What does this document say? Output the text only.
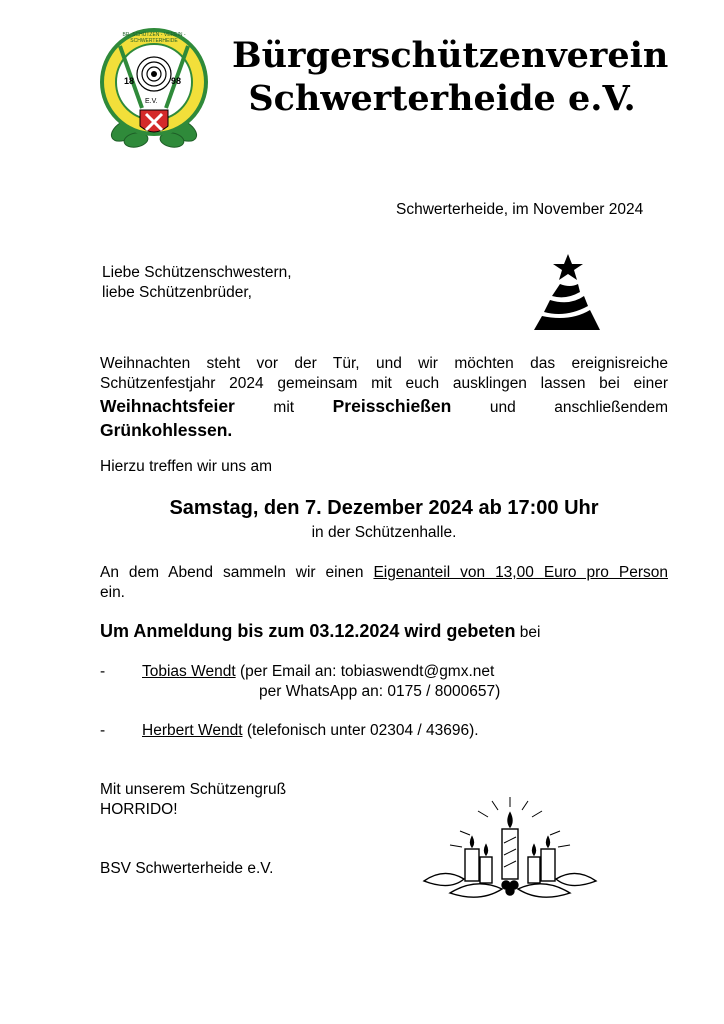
18	98
E.V.
BR. SCHÜTZEN - VEREIN - SCHWERTERHEIDE	Bürgerschützenverein
Schwerterheide e.V.
Schwerterheide, im November 2024
Liebe Schützenschwestern,
liebe Schützenbrüder,
Weihnachten steht vor der Tür, und wir möchten das ereignisreiche
Schützenfestjahr 2024 gemeinsam mit euch ausklingen lassen bei einer
Weihnachtsfeier mit Preisschießen und anschließendem
Grünkohlessen.
Hierzu treffen wir uns am
Samstag, den 7. Dezember 2024 ab 17:00 Uhr
in der Schützenhalle.
An dem Abend sammeln wir einen Eigenanteil von 13,00 Euro pro Person
ein.
Um Anmeldung bis zum 03.12.2024 wird gebeten bei
- Tobias Wendt (per Email an: tobiaswendt@gmx.net
per WhatsApp an: 0175 / 8000657)
- Herbert Wendt (telefonisch unter 02304 / 43696).
Mit unserem Schützengruß
HORRIDO!
BSV Schwerterheide e.V.
